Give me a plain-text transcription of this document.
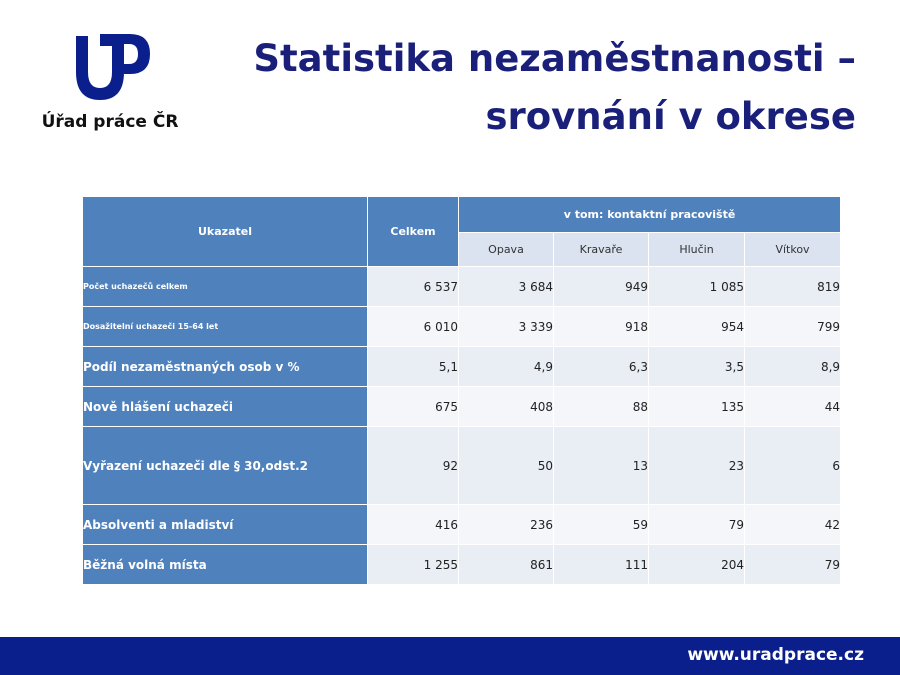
Úřad práce ČR
Statistika nezaměstnanosti –
srovnání v okrese
Ukazatel	Celkem	v tom: kontaktní pracoviště			
		Opava	Kravaře	Hlučin	Vítkov
Počet uchazečů celkem	6 537	3 684	949	1 085	819
Dosažitelní uchazeči 15-64 let	6 010	3 339	918	954	799
Podíl nezaměstnaných osob v %	5,1	4,9	6,3	3,5	8,9
Nově hlášení uchazeči	675	408	88	135	44
Vyřazení uchazeči dle § 30,odst.2	92	50	13	23	6
Absolventi a mladiství	416	236	59	79	42
Běžná volná místa	1 255	861	111	204	79
www.uradprace.cz
